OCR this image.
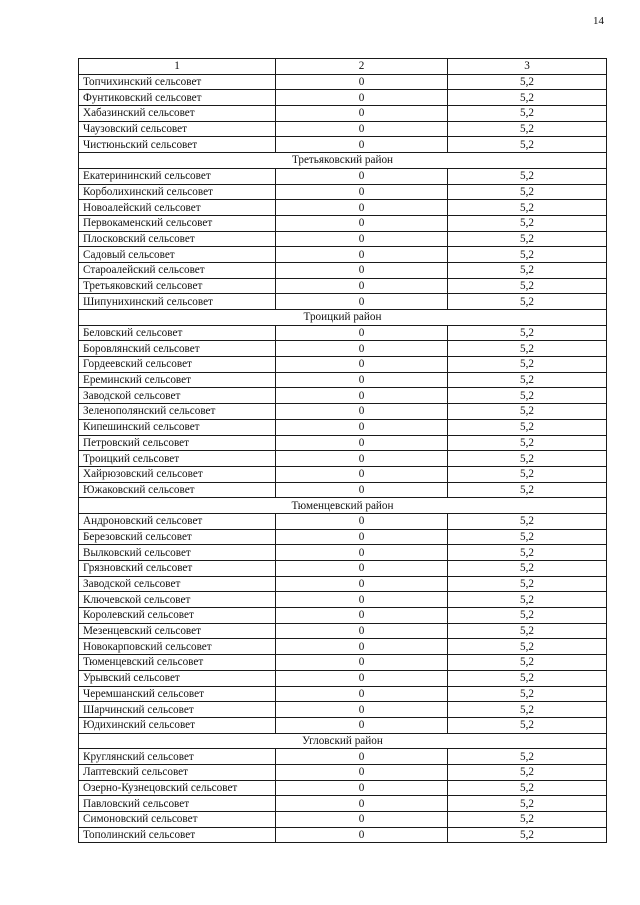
14
1	2	3
Топчихинский сельсовет	0	5,2
Фунтиковский сельсовет	0	5,2
Хабазинский сельсовет	0	5,2
Чаузовский сельсовет	0	5,2
Чистюньский сельсовет	0	5,2
Третьяковский район		
Екатерининский сельсовет	0	5,2
Корболихинский сельсовет	0	5,2
Новоалейский сельсовет	0	5,2
Первокаменский сельсовет	0	5,2
Плосковский сельсовет	0	5,2
Садовый сельсовет	0	5,2
Староалейский сельсовет	0	5,2
Третьяковский сельсовет	0	5,2
Шипунихинский сельсовет	0	5,2
Троицкий район		
Беловский сельсовет	0	5,2
Боровлянский сельсовет	0	5,2
Гордеевский сельсовет	0	5,2
Ереминский сельсовет	0	5,2
Заводской сельсовет	0	5,2
Зеленополянский сельсовет	0	5,2
Кипешинский сельсовет	0	5,2
Петровский сельсовет	0	5,2
Троицкий сельсовет	0	5,2
Хайрюзовский сельсовет	0	5,2
Южаковский сельсовет	0	5,2
Тюменцевский район		
Андроновский сельсовет	0	5,2
Березовский сельсовет	0	5,2
Вылковский сельсовет	0	5,2
Грязновский сельсовет	0	5,2
Заводской сельсовет	0	5,2
Ключевской сельсовет	0	5,2
Королевский сельсовет	0	5,2
Мезенцевский сельсовет	0	5,2
Новокарповский сельсовет	0	5,2
Тюменцевский сельсовет	0	5,2
Урывский сельсовет	0	5,2
Черемшанский сельсовет	0	5,2
Шарчинский сельсовет	0	5,2
Юдихинский сельсовет	0	5,2
Угловский район		
Круглянский сельсовет	0	5,2
Лаптевский сельсовет	0	5,2
Озерно-Кузнецовский сельсовет	0	5,2
Павловский сельсовет	0	5,2
Симоновский сельсовет	0	5,2
Тополинский сельсовет	0	5,2
